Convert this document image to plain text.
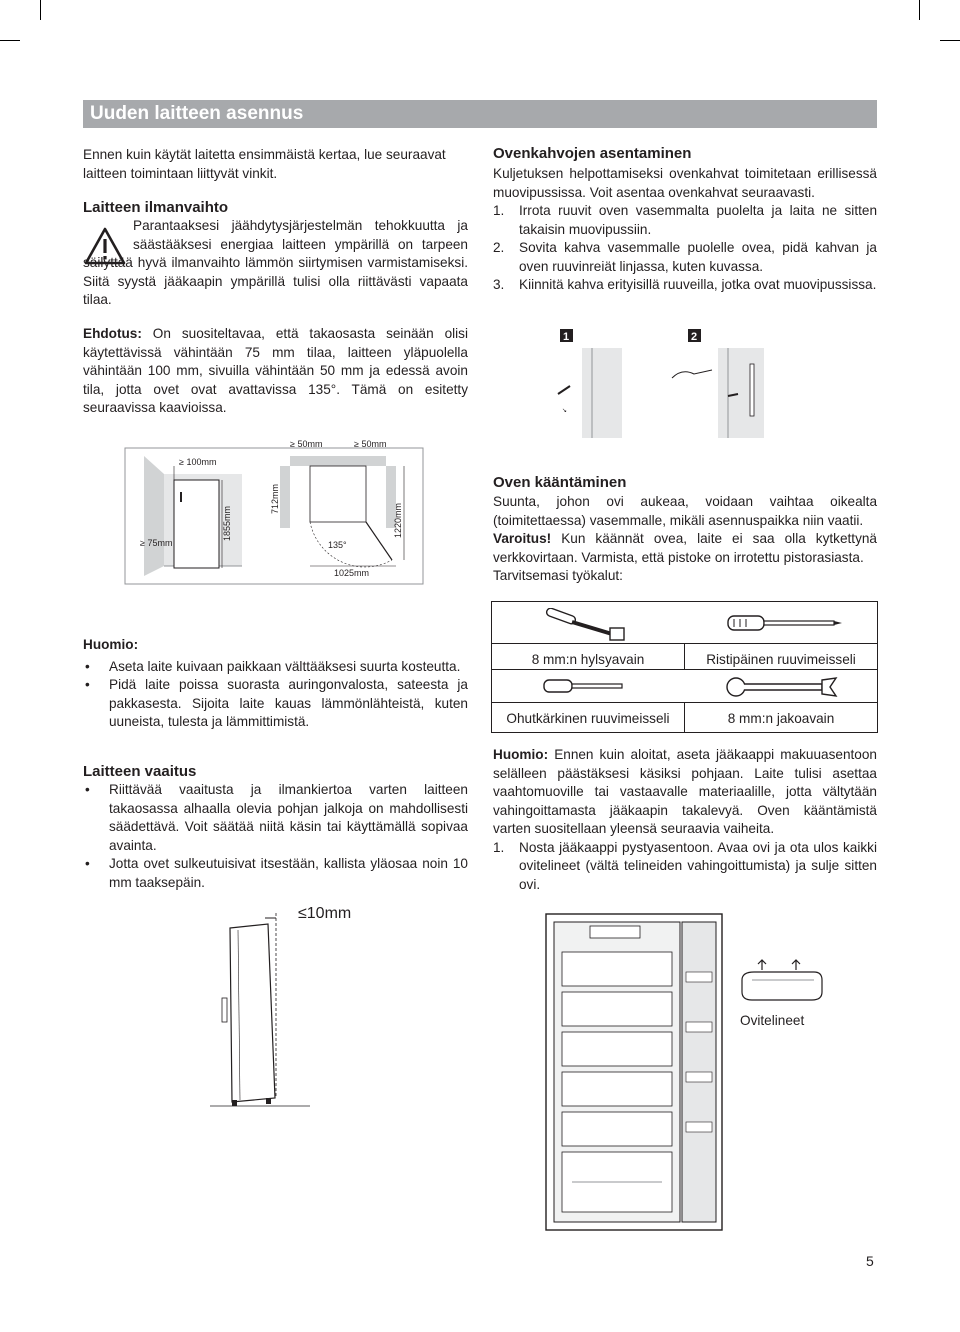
Uuden laitteen asennus
Ennen kuin käytät laitetta ensimmäistä kertaa, lue seuraavat laitteen toimintaan liittyvät vinkit.
Laitteen ilmanvaihto
Parantaaksesi jäähdytysjärjestelmän tehokkuutta ja säästääksesi energiaa laitteen ympärillä on tarpeen säilyttää hyvä ilmanvaihto lämmön siirtymisen varmistamiseksi. Siitä syystä jääkaapin ympärillä tulisi olla riittävästi vapaata tilaa.
Ehdotus: On suositeltavaa, että takaosasta seinään olisi käytettävissä vähintään 75 mm tilaa, laitteen yläpuolella vähintään 100 mm, sivuilla vähintään 50 mm ja edessä avoin tila, jotta ovet ovat avattavissa 135°. Tämä on esitetty seuraavissa kaavioissa.
≥ 100mm
≥ 75mm
1855mm
≥ 50mm	≥ 50mm
712mm
135°
1025mm
1220mm
Huomio:
• Aseta laite kuivaan paikkaan välttääksesi suurta kosteutta.
• Pidä laite poissa suorasta auringonvalosta, sateesta ja pakkasesta. Sijoita laite kauas lämmönlähteistä, kuten uuneista, tulesta ja lämmittimistä.
Laitteen vaaitus
• Riittävää vaaitusta ja ilmankiertoa varten laitteen takaosassa alhaalla olevia pohjan jalkoja on mahdollisesti säädettävä. Voit säätää niitä käsin tai käyttämällä sopivaa avainta.
• Jotta ovet sulkeutuisivat itsestään, kallista yläosaa noin 10 mm taaksepäin.
≤10mm
Ovenkahvojen asentaminen
Kuljetuksen helpottamiseksi ovenkahvat toimitetaan erillisessä muovipussissa. Voit asentaa ovenkahvat seuraavasti.
1. Irrota ruuvit oven vasemmalta puolelta ja laita ne sitten takaisin muovipussiin.
2. Sovita kahva vasemmalle puolelle ovea, pidä kahvan ja oven ruuvinreiät linjassa, kuten kuvassa.
3. Kiinnitä kahva erityisillä ruuveilla, jotka ovat muovipussissa.
1	2
↘
Oven kääntäminen
Suunta, johon ovi aukeaa, voidaan vaihtaa oikealta (toimitettaessa) vasemmalle, mikäli asennuspaikka niin vaatii.
Varoitus! Kun käännät ovea, laite ei saa olla kytkettynä verkkovirtaan. Varmista, että pistoke on irrotettu pistorasiasta.
Tarvitsemasi työkalut:
8 mm:n hylsyavain	Ristipäinen ruuvimeisseli
Ohutkärkinen ruuvimeisseli	8 mm:n jakoavain
Huomio: Ennen kuin aloitat, aseta jääkaappi makuuasentoon selälleen päästäksesi käsiksi pohjaan. Laite tulisi asettaa vaahtomuoville tai vastaavalle materiaalille, jotta vältytään vahingoittamasta jääkaapin takalevyä. Oven kääntämistä varten suositellaan yleensä seuraavia vaiheita.
1. Nosta jääkaappi pystyasentoon. Avaa ovi ja ota ulos kaikki ovitelineet (vältä telineiden vahingoittumista) ja sulje sitten ovi.
Ovitelineet
5
